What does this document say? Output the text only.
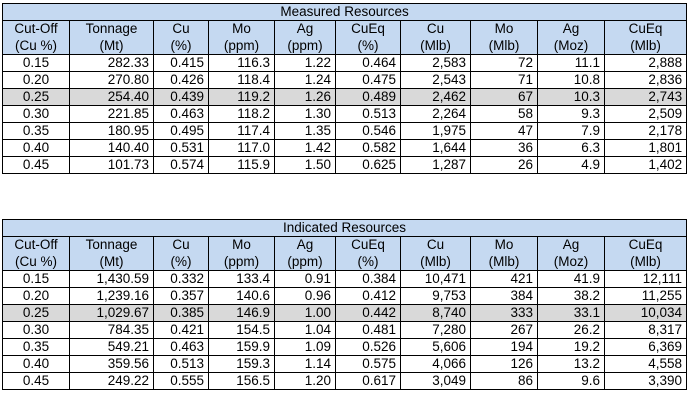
Measured Resources									
Cut-Off	Tonnage	Cu	Mo	Ag	CuEq	Cu	Mo	Ag	CuEq
(Cu %)	(Mt)	(%)	(ppm)	(ppm)	(%)	(Mlb)	(Mlb)	(Moz)	(Mlb)
0.15	282.33	0.415	116.3	1.22	0.464	2,583	72	11.1	2,888
0.20	270.80	0.426	118.4	1.24	0.475	2,543	71	10.8	2,836
0.25	254.40	0.439	119.2	1.26	0.489	2,462	67	10.3	2,743
0.30	221.85	0.463	118.2	1.30	0.513	2,264	58	9.3	2,509
0.35	180.95	0.495	117.4	1.35	0.546	1,975	47	7.9	2,178
0.40	140.40	0.531	117.0	1.42	0.582	1,644	36	6.3	1,801
0.45	101.73	0.574	115.9	1.50	0.625	1,287	26	4.9	1,402
Indicated Resources									
Cut-Off	Tonnage	Cu	Mo	Ag	CuEq	Cu	Mo	Ag	CuEq
(Cu %)	(Mt)	(%)	(ppm)	(ppm)	(%)	(Mlb)	(Mlb)	(Moz)	(Mlb)
0.15	1,430.59	0.332	133.4	0.91	0.384	10,471	421	41.9	12,111
0.20	1,239.16	0.357	140.6	0.96	0.412	9,753	384	38.2	11,255
0.25	1,029.67	0.385	146.9	1.00	0.442	8,740	333	33.1	10,034
0.30	784.35	0.421	154.5	1.04	0.481	7,280	267	26.2	8,317
0.35	549.21	0.463	159.9	1.09	0.526	5,606	194	19.2	6,369
0.40	359.56	0.513	159.3	1.14	0.575	4,066	126	13.2	4,558
0.45	249.22	0.555	156.5	1.20	0.617	3,049	86	9.6	3,390
